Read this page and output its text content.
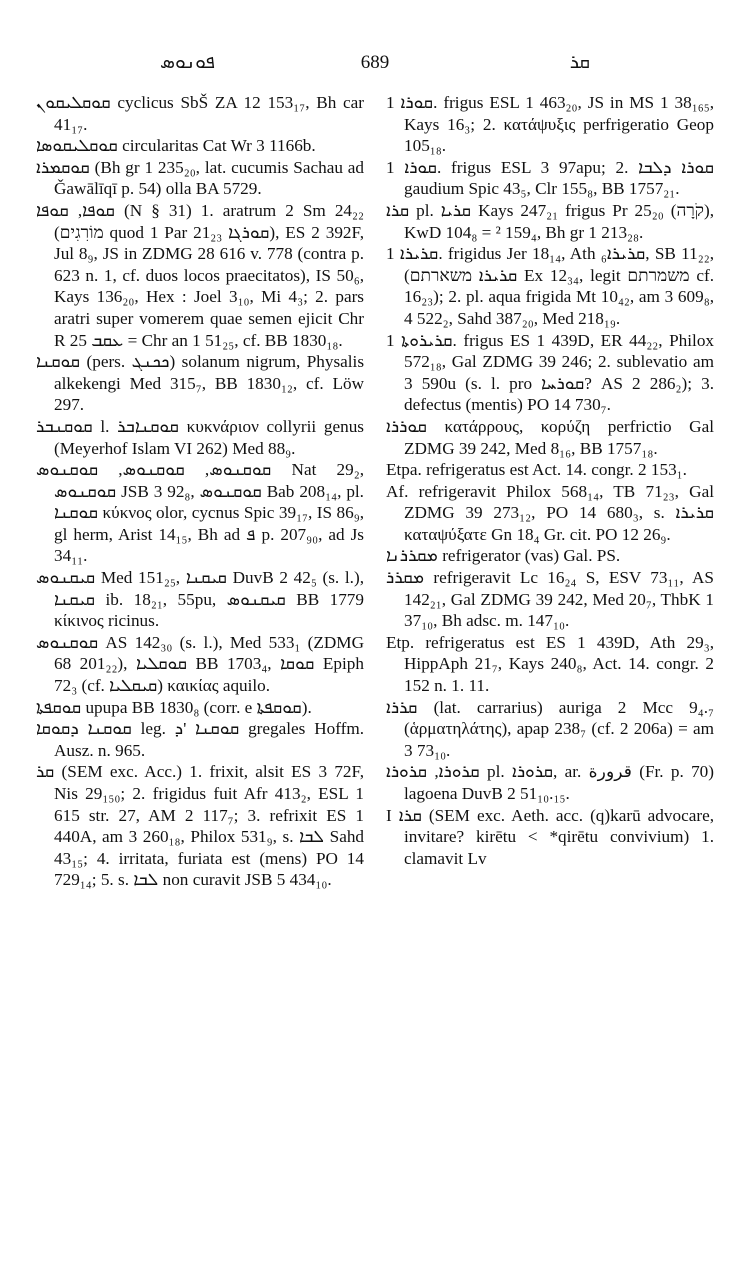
ܦܘܢܘܣ	689	ܩܪ

ܩܘܩܠܝܩܘܢ cyclicus SbŠ ZA 12 153₁₇, Bh car 41₁₇.

ܩܘܩܠܝܩܘܣܐ circularitas Cat Wr 3 1166b.

ܩܘܩܡܪܐ (Bh gr 1 235₂₀, lat. cucumis Sachau ad Ǧawālīqī p. 54) olla BA 5729.

ܩܘܦܐ, ܩܘܦܐ (N § 31) 1. aratrum 2 Sm 24₂₂ (מוֹרִגִים quod 1 Par 21₂₃ ܩܘܪܓܐ), ES 2 392F, Jul 8₉, JS in ZDMG 28 616 v. 778 (contra p. 623 n. 1, cf. duos locos praecitatos), IS 50₆, Kays 136₂₀, Hex : Joel 3₁₀, Mi 4₃; 2. pars aratri super vomerem quae semen ejicit Chr R ܥܩܒ 25 = Chr an 1 51₂₅, cf. BB 1830₁₈.

ܩܘܩܢܐ (pers. ܟܟܢܓ) solanum nigrum, Physalis alkekengi Med 315₇, BB 1830₁₂, cf. Löw 297.

ܩܘܩܢܒܪ l. ܩܘܩܢܐܒܪ κυκνάριον collyrii genus (Meyerhof Islam VI 262) Med 88₉.

ܩܘܩܢܘܣ, ܩܘܩܢܘܣ, ܩܘܩܢܘܣ Nat 29₂, ܩܘܩܢܘܣ JSB 3 92₈, ܩܘܩܢܘܣ Bab 208₁₄, pl. ܩܘܩܢܐ κύκνος olor, cycnus Spic 39₁₇, IS 86₉, gl herm, Arist 14₁₅, Bh ad ܦ p. 207₉₀, ad Js 34₁₁.

ܩܝܩܢܘܣ Med 151₂₅, ܩܝܩܢܐ DuvB 2 42₅ (s. l.), ܩܝܩܢܐ ib. 18₂₁, 55pu, ܩܝܩܢܘܣ BB 1779 κίκινος ricinus.

ܩܘܩܢܘܣ AS 142₃₀ (s. l.), Med 533₁ (ZDMG 68 201₂₂), ܩܘܩܠܝܐ BB 1703₄, ܩܘܩܐ Epiph 72₃ (cf. ܩܝܩܠܝܐ) καικίας aquilo.

ܩܘܩܦܬܐ upupa BB 1830₈ (corr. e ܩܘܩܦܬܐ).

ܩܘܩܢܐ ܕܩܘܩܐ leg. ܩܘܩܢܐ 'ܕ gregales Hoffm. Ausz. n. 965.

ܩܪ (SEM exc. Acc.) 1. frixit, alsit ES 3 72F, Nis 29₁₅₀; 2. frigidus fuit Afr 413₂, ESL 1 615 str. 27, AM 2 117₇; 3. refrixit ES 1 440A, am 3 260₁₈, Philox 531₉, s. ܠܒܐ Sahd 43₁₅; 4. irritata, furiata est (mens) PO 14 729₁₄; 5. s. ܠܒܐ non curavit JSB 5 434₁₀.

ܩܘܪܐ 1. frigus ESL 1 463₂₀, JS in MS 1 38₁₆₅, Kays 16₃; 2. κατάψυξις perfrigeratio Geop 105₁₈.

ܩܘܪܐ 1. frigus ESL 3 97apu; 2. ܩܘܪܐ ܕܠܒܐ gaudium Spic 43₅, Clr 155₈, BB 1757₂₁.

ܩܪܐ pl. ܩܪܝܐ Kays 247₂₁ frigus Pr 25₂₀ (קֹרָה), KwD 104₈ = ² 159₄, Bh gr 1 213₂₈.

ܩܪܝܪܐ 1. frigidus Jer 18₁₄, Ath ܩܪܝܪܐ₆, SB 11₂₂, (ܩܪܝܪܐ משארתם Ex 12₃₄, legit משמרתם cf. 16₂₃); 2. pl. aqua frigida Mt 10₄₂, am 3 609₈, 4 522₂, Sahd 387₂₀, Med 218₁₉.

ܩܪܝܪܘܬܐ 1. frigus ES 1 439D, ER 44₂₂, Philox 572₁₈, Gal ZDMG 39 246; 2. sublevatio am 3 590u (s. l. pro ܩܘܪܚܐ? AS 2 286₂); 3. defectus (mentis) PO 14 730₇.

ܩܘܪܪܐ κατάρρους, κορύζη perfrictio Gal ZDMG 39 242, Med 8₁₆, BB 1757₁₈.

Etpa. refrigeratus est Act. 14. congr. 2 153₁.

Af. refrigeravit Philox 568₁₄, TB 71₂₃, Gal ZDMG 39 273₁₂, PO 14 680₃, s. ܩܪܝܪܐ καταψύξατε Gn 18₄ Gr. cit. PO 12 26₉.

ܡܩܪܪܢܐ refrigerator (vas) Gal. PS.

ܡܩܪܪ refrigeravit Lc 16₂₄ S, ESV 73₁₁, AS 142₂₁, Gal ZDMG 39 242, Med 20₇, ThbK 1 37₁₀, Bh adsc. m. 147₁₀.

Etp. refrigeratus est ES 1 439D, Ath 29₃, HippAph 21₇, Kays 240₈, Act. 14. congr. 2 152 n. 1. 11.

ܩܪܪܐ (lat. carrarius) auriga 2 Mcc 9₄.₇ (ἁρματηλάτης), apap 238₇ (cf. 2 206a) = am 3 73₁₀.

ܩܪܘܪܐ, ܩܪܘܪܐ pl. ܩܪܘܪܐ, ar. قرورة (Fr. p. 70) lagoena DuvB 2 51₁₀.₁₅.

I ܩܪܐ (SEM exc. Aeth. acc. (q)karū advocare, invitare? kirētu < *qirētu convivium) 1. clamavit Lv
